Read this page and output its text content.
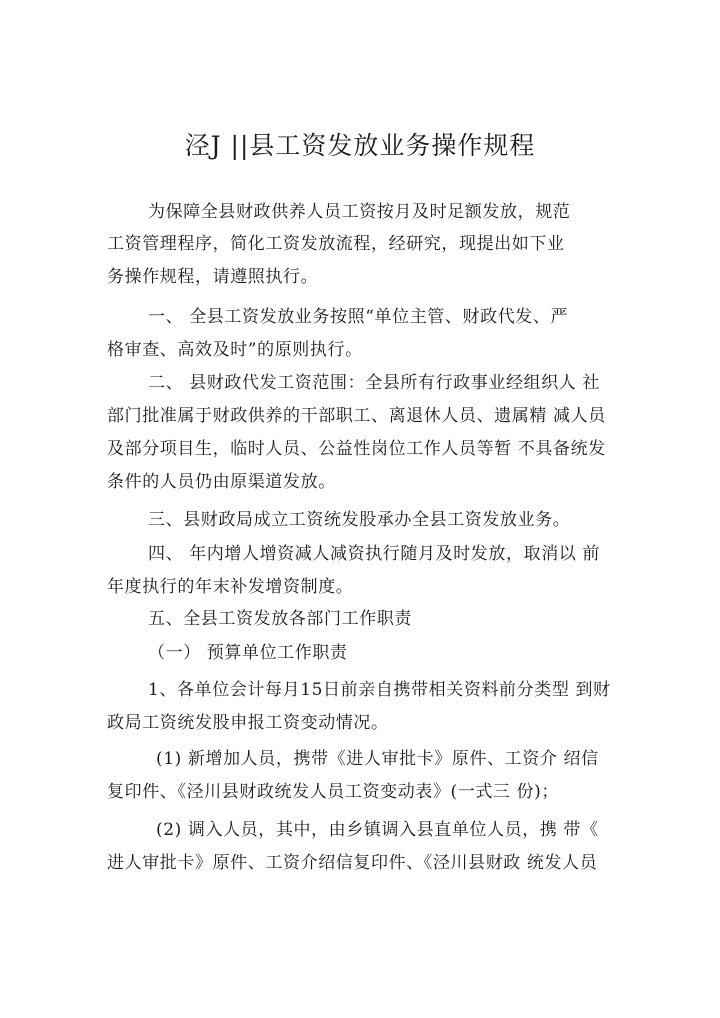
泾J ||县工资发放业务操作规程
为保障全县财政供养人员工资按月及时足额发放，规范
工资管理程序，简化工资发放流程，经研究，现提出如下业
务操作规程，请遵照执行。
一、 全县工资发放业务按照“单位主管、财政代发、严
格审查、高效及时”的原则执行。
二、 县财政代发工资范围：全县所有行政事业经组织人 社
部门批准属于财政供养的干部职工、离退休人员、遗属精 减人员
及部分项目生，临时人员、公益性岗位工作人员等暂 不具备统发
条件的人员仍由原渠道发放。
三、县财政局成立工资统发股承办全县工资发放业务。
四、 年内增人增资减人减资执行随月及时发放，取消以 前
年度执行的年末补发增资制度。
五、全县工资发放各部门工作职责
（一） 预算单位工作职责
1、各单位会计每月15日前亲自携带相关资料前分类型 到财
政局工资统发股申报工资变动情况。
(1) 新增加人员，携带《进人审批卡》原件、工资介 绍信
复印件、《泾川县财政统发人员工资变动表》(一式三 份)；
(2) 调入人员，其中，由乡镇调入县直单位人员，携 带《
进人审批卡》原件、工资介绍信复印件、《泾川县财政 统发人员
